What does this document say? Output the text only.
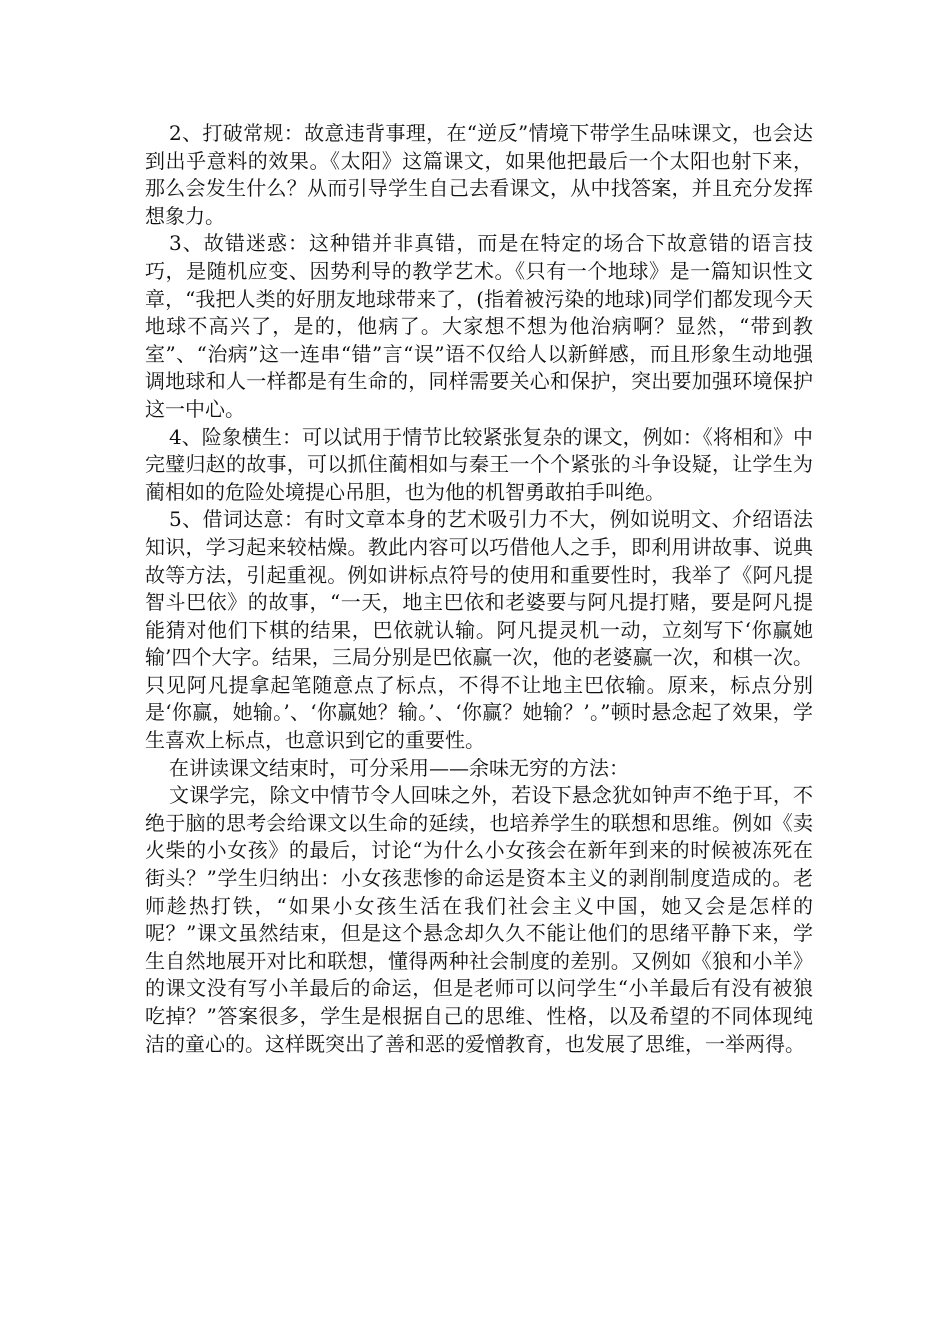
2、打破常规：故意违背事理，在“逆反”情境下带学生品味课文，也会达到出乎意料的效果。《太阳》这篇课文，如果他把最后一个太阳也射下来，那么会发生什么？从而引导学生自己去看课文，从中找答案，并且充分发挥想象力。

3、故错迷惑：这种错并非真错，而是在特定的场合下故意错的语言技巧，是随机应变、因势利导的教学艺术。《只有一个地球》是一篇知识性文章，“我把人类的好朋友地球带来了，(指着被污染的地球)同学们都发现今天地球不高兴了，是的，他病了。大家想不想为他治病啊？显然，“带到教室”、“治病”这一连串“错”言“误”语不仅给人以新鲜感，而且形象生动地强调地球和人一样都是有生命的，同样需要关心和保护，突出要加强环境保护这一中心。

4、险象横生：可以试用于情节比较紧张复杂的课文，例如：《将相和》中完璧归赵的故事，可以抓住蔺相如与秦王一个个紧张的斗争设疑，让学生为蔺相如的危险处境提心吊胆，也为他的机智勇敢拍手叫绝。

5、借词达意：有时文章本身的艺术吸引力不大，例如说明文、介绍语法知识，学习起来较枯燥。教此内容可以巧借他人之手，即利用讲故事、说典故等方法，引起重视。例如讲标点符号的使用和重要性时，我举了《阿凡提智斗巴依》的故事，“一天，地主巴依和老婆要与阿凡提打赌，要是阿凡提能猜对他们下棋的结果，巴依就认输。阿凡提灵机一动，立刻写下‘你赢她输’四个大字。结果，三局分别是巴依赢一次，他的老婆赢一次，和棋一次。只见阿凡提拿起笔随意点了标点，不得不让地主巴依输。原来，标点分别是‘你赢，她输。’、‘你赢她？输。’、‘你赢？她输？’。”顿时悬念起了效果，学生喜欢上标点，也意识到它的重要性。

在讲读课文结束时，可分采用——余味无穷的方法：

文课学完，除文中情节令人回味之外，若设下悬念犹如钟声不绝于耳，不绝于脑的思考会给课文以生命的延续，也培养学生的联想和思维。例如《卖火柴的小女孩》的最后，讨论“为什么小女孩会在新年到来的时候被冻死在街头？”学生归纳出：小女孩悲惨的命运是资本主义的剥削制度造成的。老师趁热打铁，“如果小女孩生活在我们社会主义中国，她又会是怎样的呢？”课文虽然结束，但是这个悬念却久久不能让他们的思绪平静下来，学生自然地展开对比和联想，懂得两种社会制度的差别。又例如《狼和小羊》的课文没有写小羊最后的命运，但是老师可以问学生“小羊最后有没有被狼吃掉？”答案很多，学生是根据自己的思维、性格，以及希望的不同体现纯洁的童心的。这样既突出了善和恶的爱憎教育，也发展了思维，一举两得。
